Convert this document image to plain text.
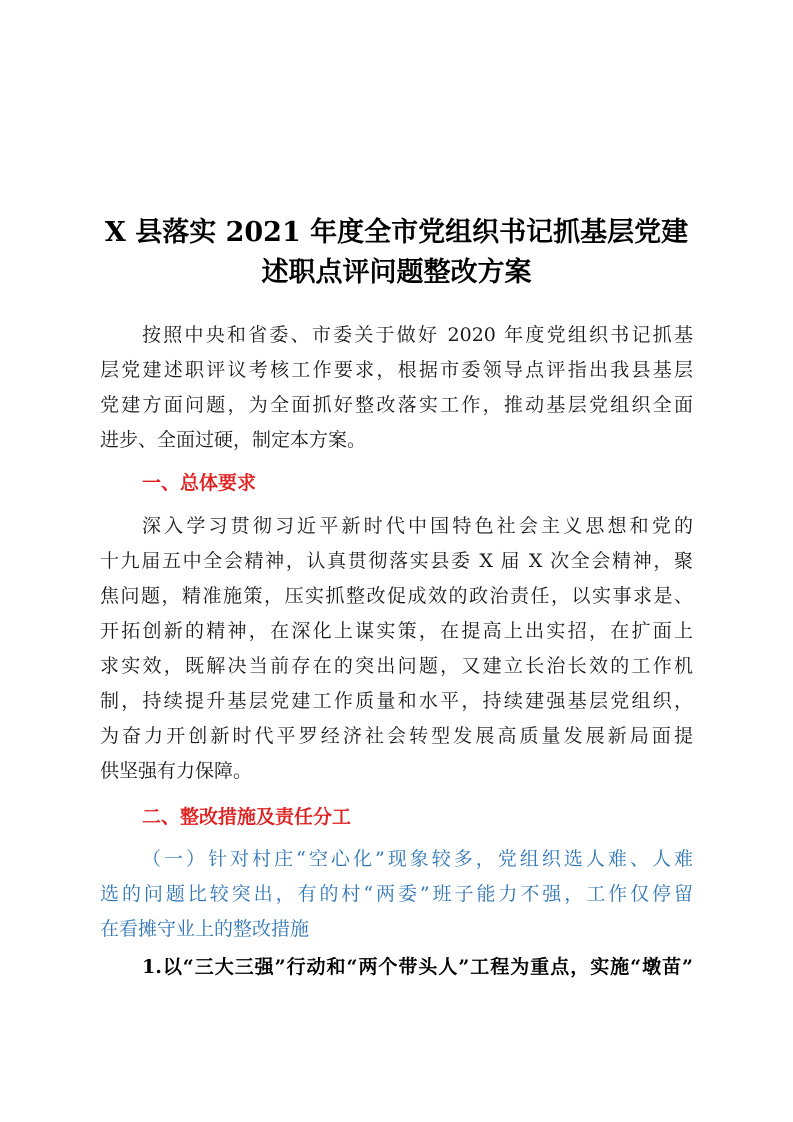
X 县落实 2021 年度全市党组织书记抓基层党建
述职点评问题整改方案
按照中央和省委、市委关于做好 2020 年度党组织书记抓基
层党建述职评议考核工作要求，根据市委领导点评指出我县基层
党建方面问题，为全面抓好整改落实工作，推动基层党组织全面
进步、全面过硬，制定本方案。
一、总体要求
深入学习贯彻习近平新时代中国特色社会主义思想和党的
十九届五中全会精神，认真贯彻落实县委 X 届 X 次全会精神，聚
焦问题，精准施策，压实抓整改促成效的政治责任，以实事求是、
开拓创新的精神，在深化上谋实策，在提高上出实招，在扩面上
求实效，既解决当前存在的突出问题，又建立长治长效的工作机
制，持续提升基层党建工作质量和水平，持续建强基层党组织，
为奋力开创新时代平罗经济社会转型发展高质量发展新局面提
供坚强有力保障。
二、整改措施及责任分工
（一）针对村庄“空心化”现象较多，党组织选人难、人难
选的问题比较突出，有的村“两委”班子能力不强，工作仅停留
在看摊守业上的整改措施
1.以“三大三强”行动和“两个带头人”工程为重点，实施“墩苗”
